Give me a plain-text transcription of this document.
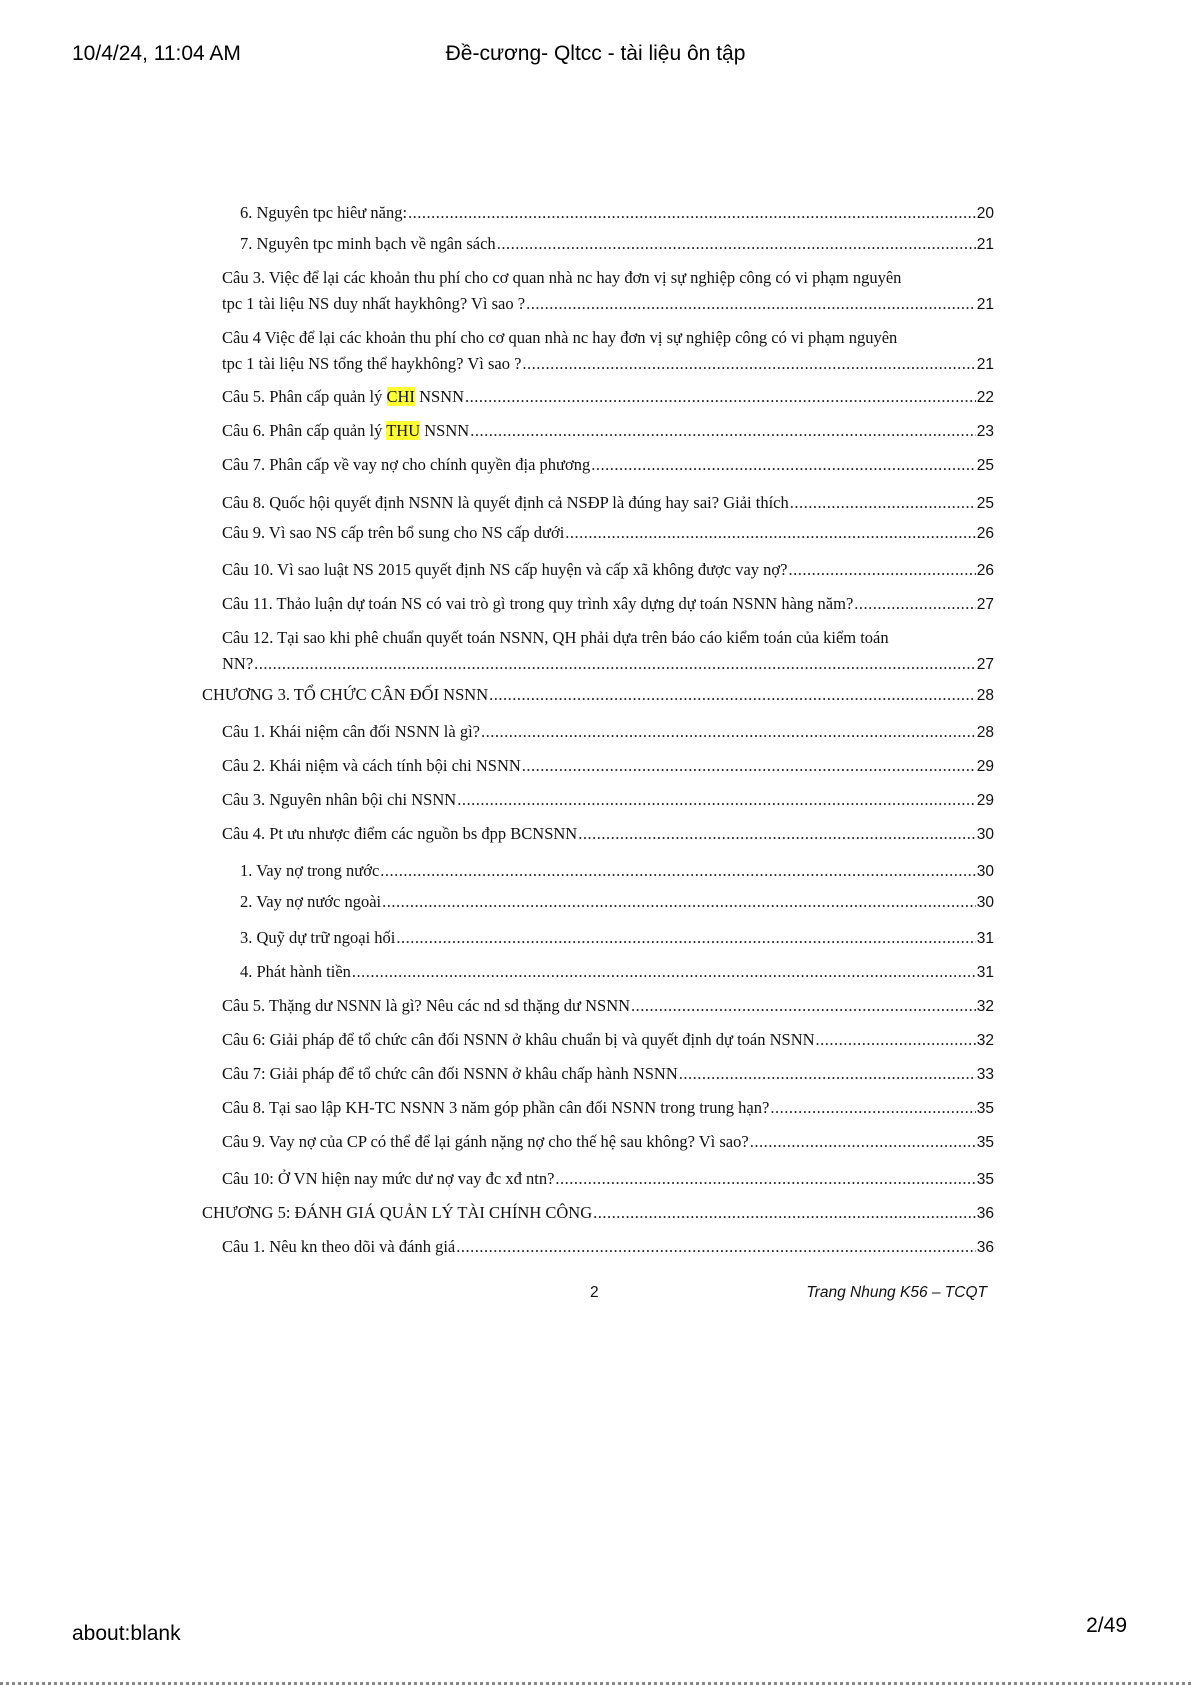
10/4/24, 11:04 AM	Đề-cương- Qltcc - tài liệu ôn tập
6. Nguyên tpc hiêư năng: .....	20
7. Nguyên tpc minh bạch về ngân sách .....	21
Câu 3. Việc để lại các khoản thu phí cho cơ quan nhà nc hay đơn vị sự nghiệp công có vi phạm nguyên
tpc 1 tài liệu NS duy nhất haykhông? Vì sao ? .....	21
Câu 4 Việc để lại các khoản thu phí cho cơ quan nhà nc hay đơn vị sự nghiệp công có vi phạm nguyên
tpc 1 tài liệu NS tổng thể haykhông? Vì sao ? .....	21
Câu 5. Phân cấp quản lý CHI NSNN .....	22
Câu 6. Phân cấp quản lý THU NSNN .....	23
Câu 7. Phân cấp về vay nợ cho chính quyền địa phương .....	25
Câu 8. Quốc hội quyết định NSNN là quyết định cả NSĐP là đúng hay sai? Giải thích .....	25
Câu 9. Vì sao NS cấp trên bổ sung cho NS cấp dưới .....	26
Câu 10. Vì sao luật NS 2015 quyết định NS cấp huyện và cấp xã không được vay nợ? .....	26
Câu 11. Thảo luận dự toán NS có vai trò gì trong quy trình xây dựng dự toán NSNN hàng năm? .....	27
Câu 12. Tại sao khi phê chuẩn quyết toán NSNN, QH phải dựa trên báo cáo kiểm toán của kiểm toán
NN? .....	27
CHƯƠNG 3. TỔ CHỨC CÂN ĐỐI NSNN .....	28
Câu 1. Khái niệm cân đối NSNN là gì? .....	28
Câu 2. Khái niệm và cách tính bội chi NSNN .....	29
Câu 3. Nguyên nhân bội chi NSNN .....	29
Câu 4. Pt ưu nhược điểm các nguồn bs đpp BCNSNN .....	30
1. Vay nợ trong nước .....	30
2. Vay nợ nước ngoài .....	30
3. Quỹ dự trữ ngoại hối .....	31
4. Phát hành tiền .....	31
Câu 5. Thặng dư NSNN là gì? Nêu các nd sd thặng dư NSNN .....	32
Câu 6: Giải pháp để tổ chức cân đối NSNN ở khâu chuẩn bị và quyết định dự toán NSNN .....	32
Câu 7: Giải pháp để tổ chức cân đối NSNN ở khâu chấp hành NSNN .....	33
Câu 8. Tại sao lập KH-TC NSNN 3 năm góp phần cân đối NSNN trong trung hạn? .....	35
Câu 9. Vay nợ của CP có thể để lại gánh nặng nợ cho thế hệ sau không? Vì sao? .....	35
Câu 10: Ở VN hiện nay mức dư nợ vay đc xđ ntn? .....	35
CHƯƠNG 5: ĐÁNH GIÁ QUẢN LÝ TÀI CHÍNH CÔNG .....	36
Câu 1. Nêu kn theo dõi và đánh giá .....	36
2	Trang Nhung K56 – TCQT
about:blank	2/49
